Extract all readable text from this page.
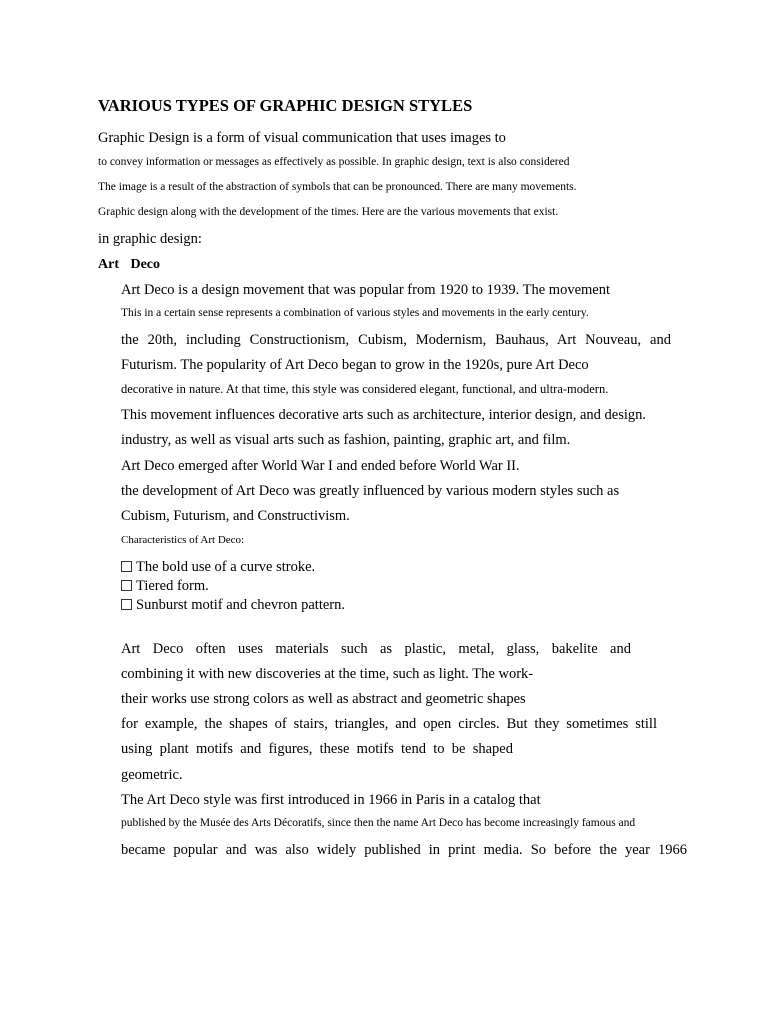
VARIOUS TYPES OF GRAPHIC DESIGN STYLES
Graphic Design is a form of visual communication that uses images to
to convey information or messages as effectively as possible. In graphic design, text is also considered
The image is a result of the abstraction of symbols that can be pronounced. There are many movements.
Graphic design along with the development of the times. Here are the various movements that exist.
in graphic design:
Art Deco
Art Deco is a design movement that was popular from 1920 to 1939. The movement
This in a certain sense represents a combination of various styles and movements in the early century.
the 20th, including Constructionism, Cubism, Modernism, Bauhaus, Art Nouveau, and
Futurism. The popularity of Art Deco began to grow in the 1920s, pure Art Deco
decorative in nature. At that time, this style was considered elegant, functional, and ultra-modern.
This movement influences decorative arts such as architecture, interior design, and design.
industry, as well as visual arts such as fashion, painting, graphic art, and film.
Art Deco emerged after World War I and ended before World War II.
the development of Art Deco was greatly influenced by various modern styles such as
Cubism, Futurism, and Constructivism.
Characteristics of Art Deco:
The bold use of a curve stroke.
Tiered form.
Sunburst motif and chevron pattern.
Art Deco often uses materials such as plastic, metal, glass, bakelite and
combining it with new discoveries at the time, such as light. The work-
their works use strong colors as well as abstract and geometric shapes
for example, the shapes of stairs, triangles, and open circles. But they sometimes still
using plant motifs and figures, these motifs tend to be shaped
geometric.
The Art Deco style was first introduced in 1966 in Paris in a catalog that
published by the Musée des Arts Décoratifs, since then the name Art Deco has become increasingly famous and
became popular and was also widely published in print media. So before the year 1966
